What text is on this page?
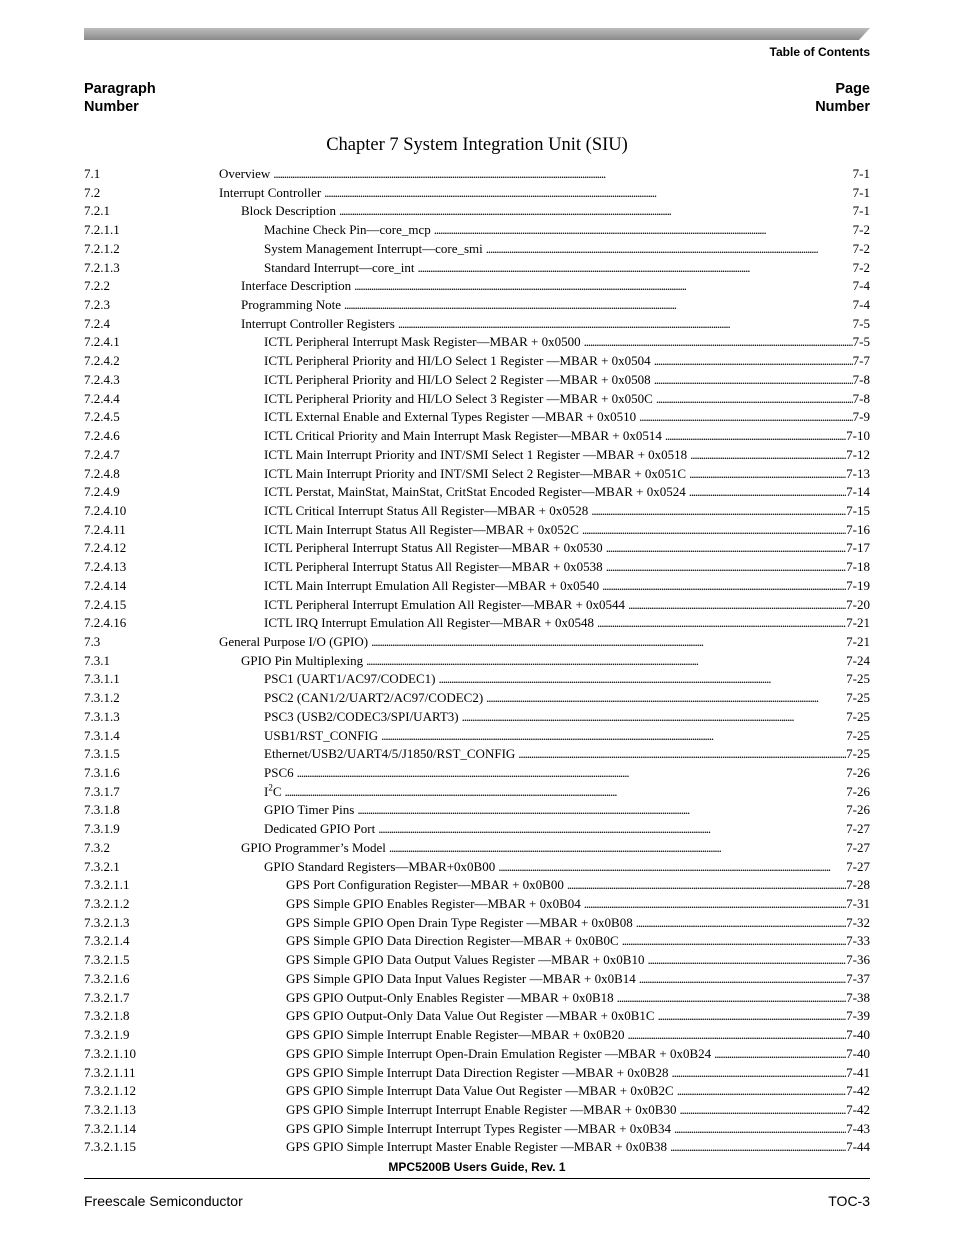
Table of Contents
Paragraph
Number
Page
Number
Chapter 7 System Integration Unit (SIU)
7.1	Overview . . .	7-1
7.2	Interrupt Controller . . .	7-1
7.2.1	Block Description . . .	7-1
7.2.1.1	Machine Check Pin—core_mcp . . .	7-2
7.2.1.2	System Management Interrupt—core_smi . . .	7-2
7.2.1.3	Standard Interrupt—core_int . . .	7-2
7.2.2	Interface Description . . .	7-4
7.2.3	Programming Note . . .	7-4
7.2.4	Interrupt Controller Registers . . .	7-5
7.2.4.1	ICTL Peripheral Interrupt Mask Register—MBAR + 0x0500 . . .	7-5
7.2.4.2	ICTL Peripheral Priority and HI/LO Select 1 Register —MBAR + 0x0504 . . .	7-7
7.2.4.3	ICTL Peripheral Priority and HI/LO Select 2 Register —MBAR + 0x0508 . . .	7-8
7.2.4.4	ICTL Peripheral Priority and HI/LO Select 3 Register —MBAR + 0x050C . . .	7-8
7.2.4.5	ICTL External Enable and External Types Register —MBAR + 0x0510 . . .	7-9
7.2.4.6	ICTL Critical Priority and Main Interrupt Mask Register—MBAR + 0x0514 . . .	7-10
7.2.4.7	ICTL Main Interrupt Priority and INT/SMI Select 1 Register —MBAR + 0x0518 . . .	7-12
7.2.4.8	ICTL Main Interrupt Priority and INT/SMI Select 2 Register—MBAR + 0x051C . . .	7-13
7.2.4.9	ICTL Perstat, MainStat, MainStat, CritStat Encoded Register—MBAR + 0x0524 . . .	7-14
7.2.4.10	ICTL Critical Interrupt Status All Register—MBAR + 0x0528 . . .	7-15
7.2.4.11	ICTL Main Interrupt Status All Register—MBAR + 0x052C . . .	7-16
7.2.4.12	ICTL Peripheral Interrupt Status All Register—MBAR + 0x0530 . . .	7-17
7.2.4.13	ICTL Peripheral Interrupt Status All Register—MBAR + 0x0538 . . .	7-18
7.2.4.14	ICTL Main Interrupt Emulation All Register—MBAR + 0x0540 . . .	7-19
7.2.4.15	ICTL Peripheral Interrupt Emulation All Register—MBAR + 0x0544 . . .	7-20
7.2.4.16	ICTL IRQ Interrupt Emulation All Register—MBAR + 0x0548 . . .	7-21
7.3	General Purpose I/O (GPIO) . . .	7-21
7.3.1	GPIO Pin Multiplexing . . .	7-24
7.3.1.1	PSC1 (UART1/AC97/CODEC1) . . .	7-25
7.3.1.2	PSC2 (CAN1/2/UART2/AC97/CODEC2) . . .	7-25
7.3.1.3	PSC3 (USB2/CODEC3/SPI/UART3) . . .	7-25
7.3.1.4	USB1/RST_CONFIG . . .	7-25
7.3.1.5	Ethernet/USB2/UART4/5/J1850/RST_CONFIG . . .	7-25
7.3.1.6	PSC6 . . .	7-26
7.3.1.7	$I^2C$ . . .	7-26
7.3.1.8	GPIO Timer Pins . . .	7-26
7.3.1.9	Dedicated GPIO Port . . .	7-27
7.3.2	GPIO Programmer’s Model . . .	7-27
7.3.2.1	GPIO Standard Registers—MBAR+0x0B00 . . .	7-27
7.3.2.1.1	GPS Port Configuration Register—MBAR + 0x0B00 . . .	7-28
7.3.2.1.2	GPS Simple GPIO Enables Register—MBAR + 0x0B04 . . .	7-31
7.3.2.1.3	GPS Simple GPIO Open Drain Type Register —MBAR + 0x0B08 . . .	7-32
7.3.2.1.4	GPS Simple GPIO Data Direction Register—MBAR + 0x0B0C . . .	7-33
7.3.2.1.5	GPS Simple GPIO Data Output Values Register —MBAR + 0x0B10 . . .	7-36
7.3.2.1.6	GPS Simple GPIO Data Input Values Register —MBAR + 0x0B14 . . .	7-37
7.3.2.1.7	GPS GPIO Output-Only Enables Register —MBAR + 0x0B18 . . .	7-38
7.3.2.1.8	GPS GPIO Output-Only Data Value Out Register —MBAR + 0x0B1C . . .	7-39
7.3.2.1.9	GPS GPIO Simple Interrupt Enable Register—MBAR + 0x0B20 . . .	7-40
7.3.2.1.10	GPS GPIO Simple Interrupt Open-Drain Emulation Register —MBAR + 0x0B24 . . .	7-40
7.3.2.1.11	GPS GPIO Simple Interrupt Data Direction Register —MBAR + 0x0B28 . . .	7-41
7.3.2.1.12	GPS GPIO Simple Interrupt Data Value Out Register —MBAR + 0x0B2C . . .	7-42
7.3.2.1.13	GPS GPIO Simple Interrupt Interrupt Enable Register —MBAR + 0x0B30 . . .	7-42
7.3.2.1.14	GPS GPIO Simple Interrupt Interrupt Types Register —MBAR + 0x0B34 . . .	7-43
7.3.2.1.15	GPS GPIO Simple Interrupt Master Enable Register —MBAR + 0x0B38 . . .	7-44
MPC5200B Users Guide, Rev. 1
Freescale Semiconductor	TOC-3
